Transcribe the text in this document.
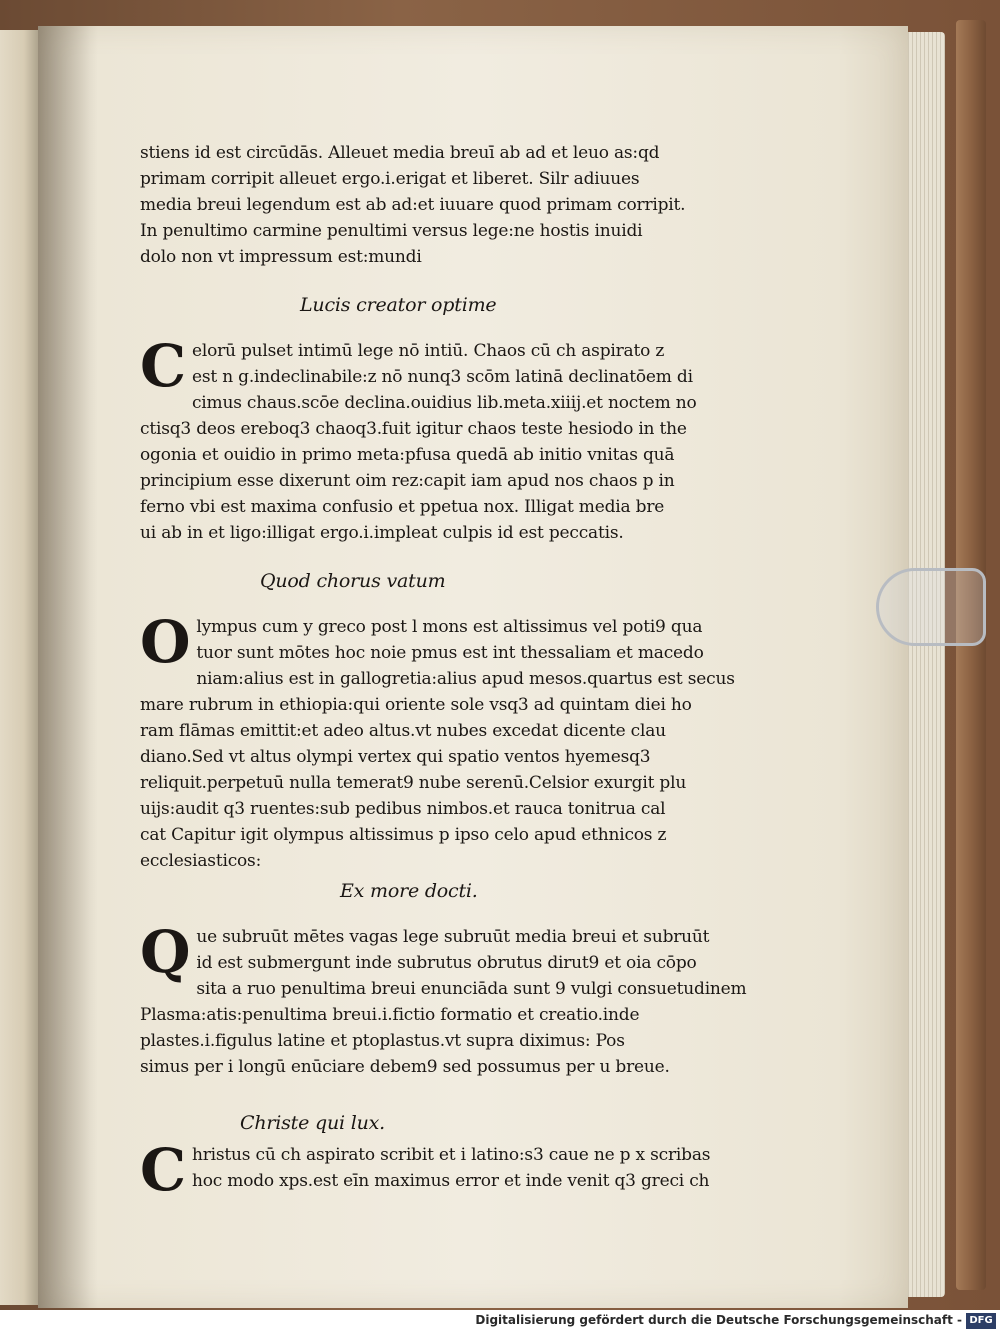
stiens id est circūdās. Alleuet media breuī ab ad et leuo as:qd
primam corripit alleuet ergo.i.erigat et liberet. Silr adiuues
media breui legendum est ab ad:et iuuare quod primam corripit.
In penultimo carmine penultimi versus lege:ne hostis inuidi
dolo non vt impressum est:mundi
Lucis creator optime
C elorū pulset intimū lege nō intiū. Chaos cū ch aspirato z
est n g.indeclinabile:z nō nunq3 scōm latinā declinatōem di
cimus chaus.scōe declina.ouidius lib.meta.xiiij.et noctem no
ctisq3 deos ereboq3 chaoq3.fuit igitur chaos teste hesiodo in the
ogonia et ouidio in primo meta:pfusa quedā ab initio vnitas quā
principium esse dixerunt oim rez:capit iam apud nos chaos p in
ferno vbi est maxima confusio et ppetua nox. Illigat media bre
ui ab in et ligo:illigat ergo.i.impleat culpis id est peccatis.
Quod chorus vatum
O lympus cum y greco post l mons est altissimus vel poti9 qua
tuor sunt mōtes hoc noie pmus est int thessaliam et macedo
niam:alius est in gallogretia:alius apud mesos.quartus est secus
mare rubrum in ethiopia:qui oriente sole vsq3 ad quintam diei ho
ram flāmas emittit:et adeo altus.vt nubes excedat dicente clau
diano.Sed vt altus olympi vertex qui spatio ventos hyemesq3
reliquit.perpetuū nulla temerat9 nube serenū.Celsior exurgit plu
uijs:audit q3 ruentes:sub pedibus nimbos.et rauca tonitrua cal
cat Capitur igit olympus altissimus p ipso celo apud ethnicos z
ecclesiasticos:
Ex more docti.
Q ue subruūt mētes vagas lege subruūt media breui et subruūt
id est submergunt inde subrutus obrutus dirut9 et oia cōpo
sita a ruo penultima breui enunciāda sunt 9 vulgi consuetudinem
Plasma:atis:penultima breui.i.fictio formatio et creatio.inde
plastes.i.figulus latine et ptoplastus.vt supra diximus: Pos
simus per i longū enūciare debem9 sed possumus per u breue.
Christe qui lux.
C hristus cū ch aspirato scribit et i latino:s3 caue ne p x scribas
hoc modo xps.est eīn maximus error et inde venit q3 greci ch
Digitalisierung gefördert durch die Deutsche Forschungsgemeinschaft - DFG
